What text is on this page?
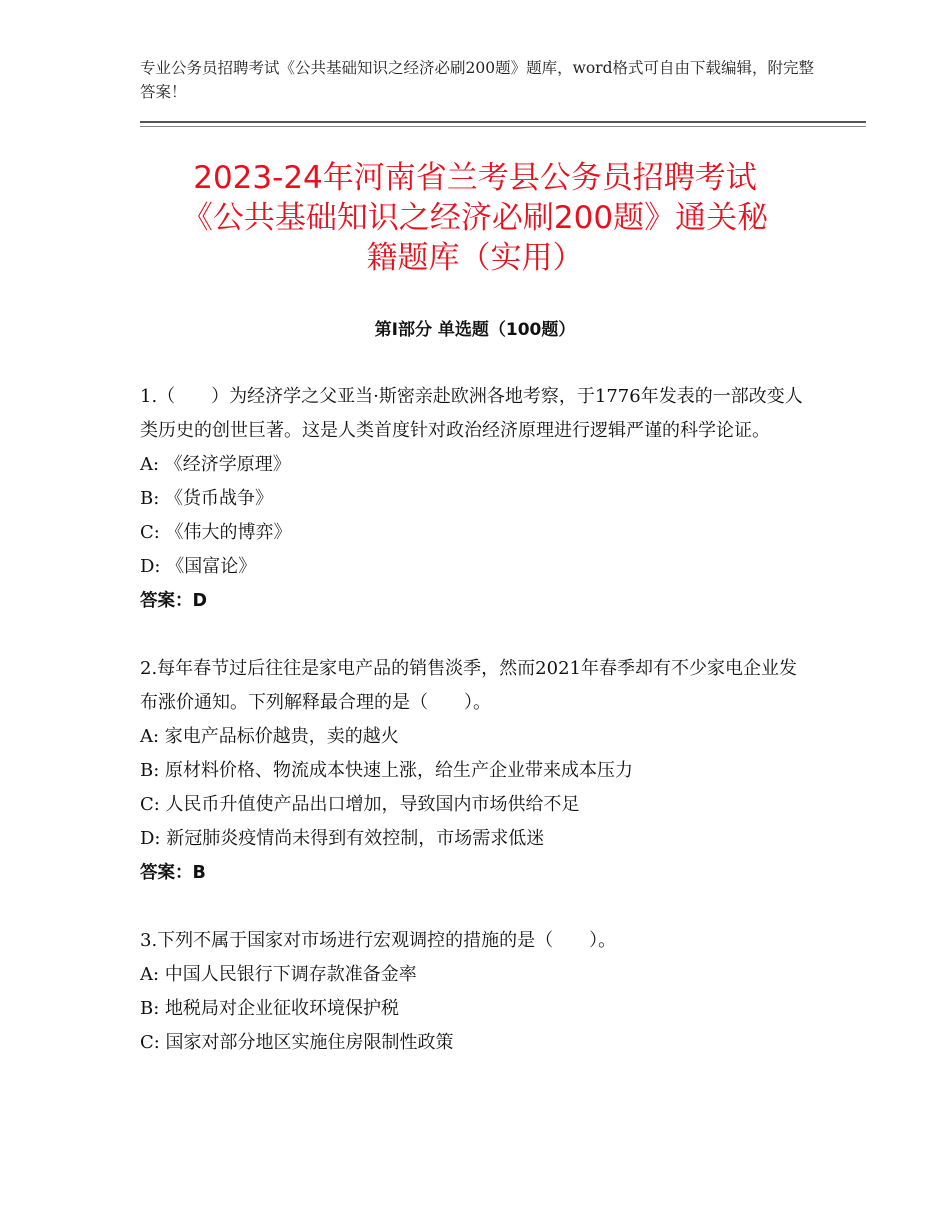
专业公务员招聘考试《公共基础知识之经济必刷200题》题库，word格式可自由下载编辑，附完整答案！
2023-24年河南省兰考县公务员招聘考试
《公共基础知识之经济必刷200题》通关秘
籍题库（实用）
第Ⅰ部分 单选题（100题）

1.（　　）为经济学之父亚当·斯密亲赴欧洲各地考察，于1776年发表的一部改变人类历史的创世巨著。这是人类首度针对政治经济原理进行逻辑严谨的科学论证。

A: 《经济学原理》

B: 《货币战争》

C: 《伟大的博弈》

D: 《国富论》

答案：D

2.每年春节过后往往是家电产品的销售淡季，然而2021年春季却有不少家电企业发布涨价通知。下列解释最合理的是（　　）。

A: 家电产品标价越贵，卖的越火

B: 原材料价格、物流成本快速上涨，给生产企业带来成本压力

C: 人民币升值使产品出口增加，导致国内市场供给不足

D: 新冠肺炎疫情尚未得到有效控制，市场需求低迷

答案：B

3.下列不属于国家对市场进行宏观调控的措施的是（　　）。

A: 中国人民银行下调存款准备金率

B: 地税局对企业征收环境保护税

C: 国家对部分地区实施住房限制性政策
